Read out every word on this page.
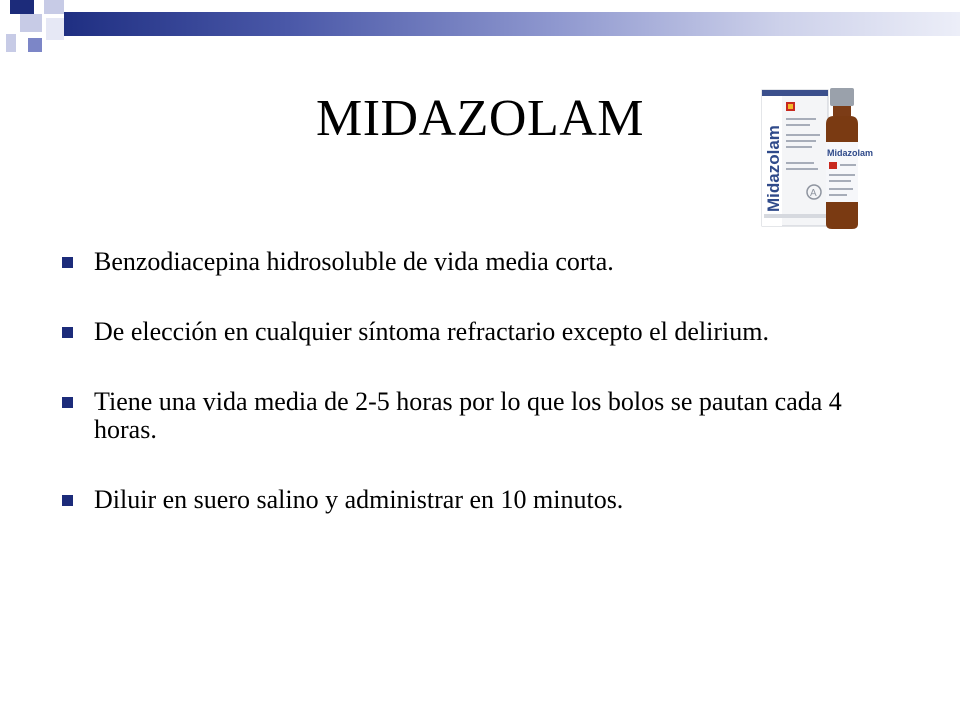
MIDAZOLAM
Midazolam	A
Midazolam
Benzodiacepina hidrosoluble de vida media corta.
De elección en cualquier síntoma refractario excepto el delirium.
Tiene una vida media de 2-5 horas por lo que los bolos se pautan cada 4 horas.
Diluir en suero salino y administrar en 10 minutos.
